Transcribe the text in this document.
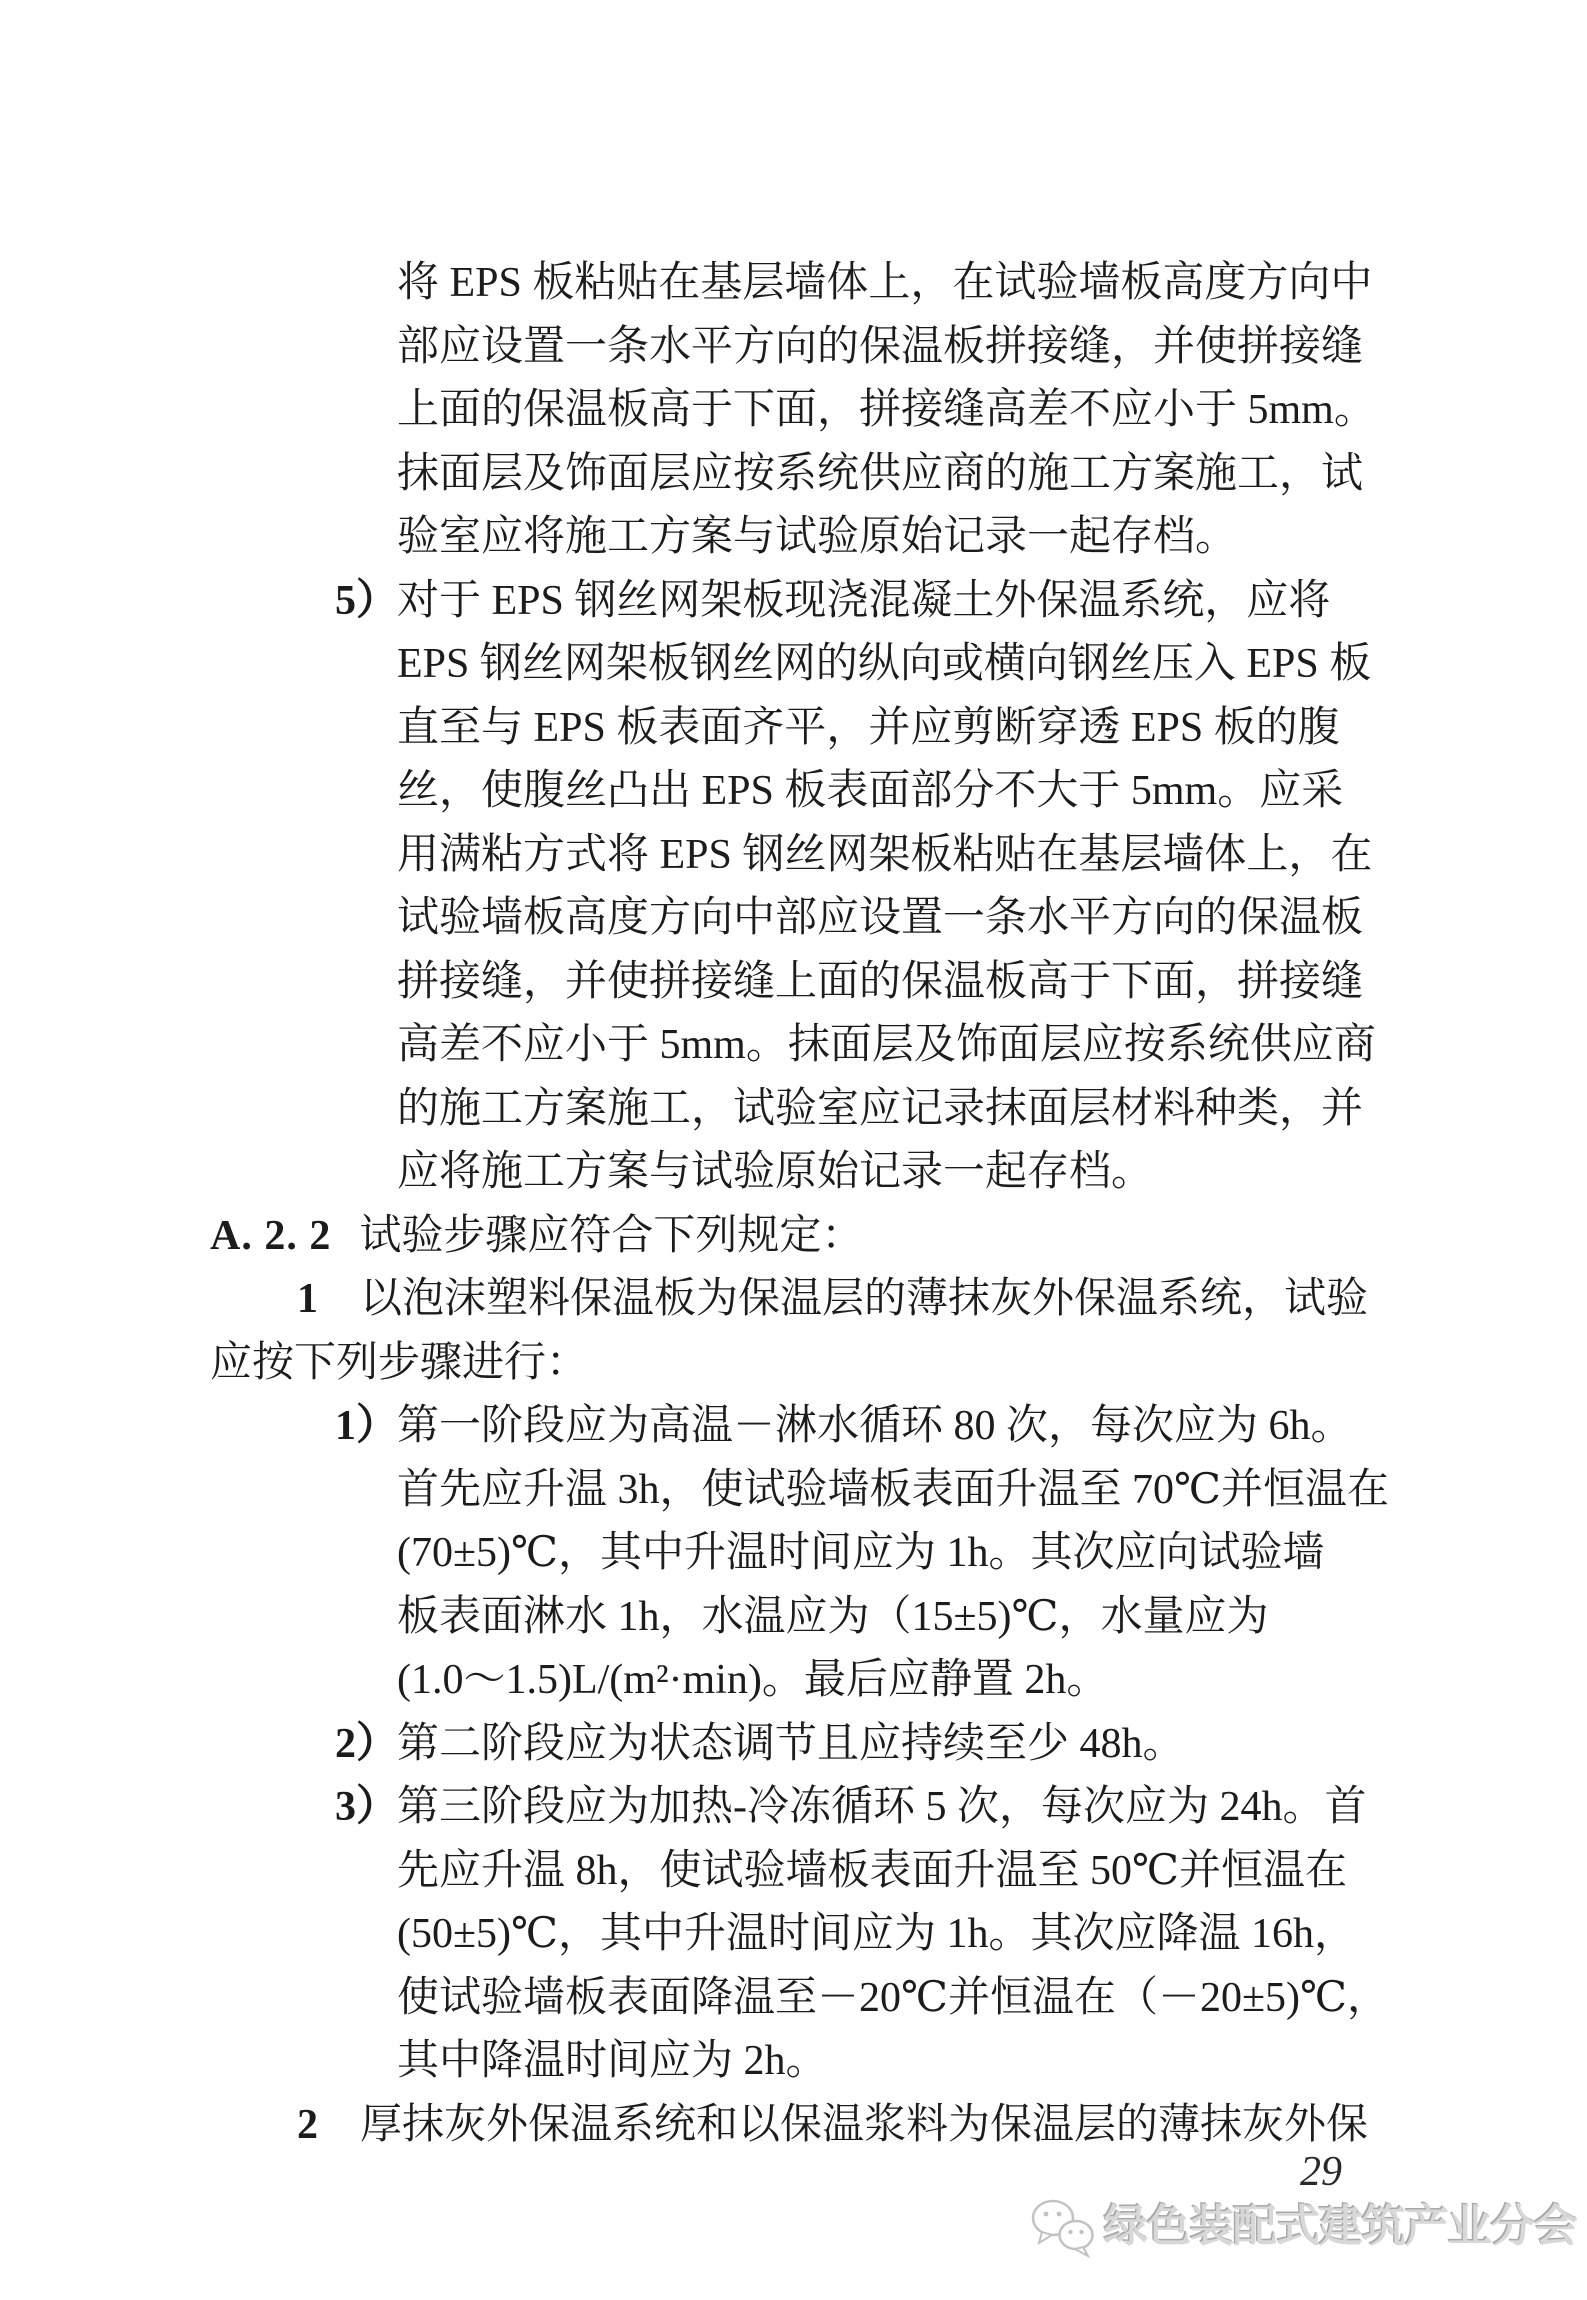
将 EPS 板粘贴在基层墙体上，在试验墙板高度方向中
部应设置一条水平方向的保温板拼接缝，并使拼接缝
上面的保温板高于下面，拼接缝高差不应小于 5mm。
抹面层及饰面层应按系统供应商的施工方案施工，试
验室应将施工方案与试验原始记录一起存档。
5）对于 EPS 钢丝网架板现浇混凝土外保温系统，应将
EPS 钢丝网架板钢丝网的纵向或横向钢丝压入 EPS 板
直至与 EPS 板表面齐平，并应剪断穿透 EPS 板的腹
丝，使腹丝凸出 EPS 板表面部分不大于 5mm。应采
用满粘方式将 EPS 钢丝网架板粘贴在基层墙体上，在
试验墙板高度方向中部应设置一条水平方向的保温板
拼接缝，并使拼接缝上面的保温板高于下面，拼接缝
高差不应小于 5mm。抹面层及饰面层应按系统供应商
的施工方案施工，试验室应记录抹面层材料种类，并
应将施工方案与试验原始记录一起存档。
A. 2. 2 试验步骤应符合下列规定：
1 以泡沫塑料保温板为保温层的薄抹灰外保温系统，试验
应按下列步骤进行：
1）第一阶段应为高温－淋水循环 80 次，每次应为 6h。
首先应升温 3h，使试验墙板表面升温至 70℃并恒温在
(70±5)℃，其中升温时间应为 1h。其次应向试验墙
板表面淋水 1h，水温应为（15±5)℃，水量应为
(1.0～1.5)L/(m²·min)。最后应静置 2h。
2）第二阶段应为状态调节且应持续至少 48h。
3）第三阶段应为加热-冷冻循环 5 次，每次应为 24h。首
先应升温 8h，使试验墙板表面升温至 50℃并恒温在
(50±5)℃，其中升温时间应为 1h。其次应降温 16h，
使试验墙板表面降温至－20℃并恒温在（－20±5)℃，
其中降温时间应为 2h。
2 厚抹灰外保温系统和以保温浆料为保温层的薄抹灰外保
29
绿色装配式建筑产业分会
